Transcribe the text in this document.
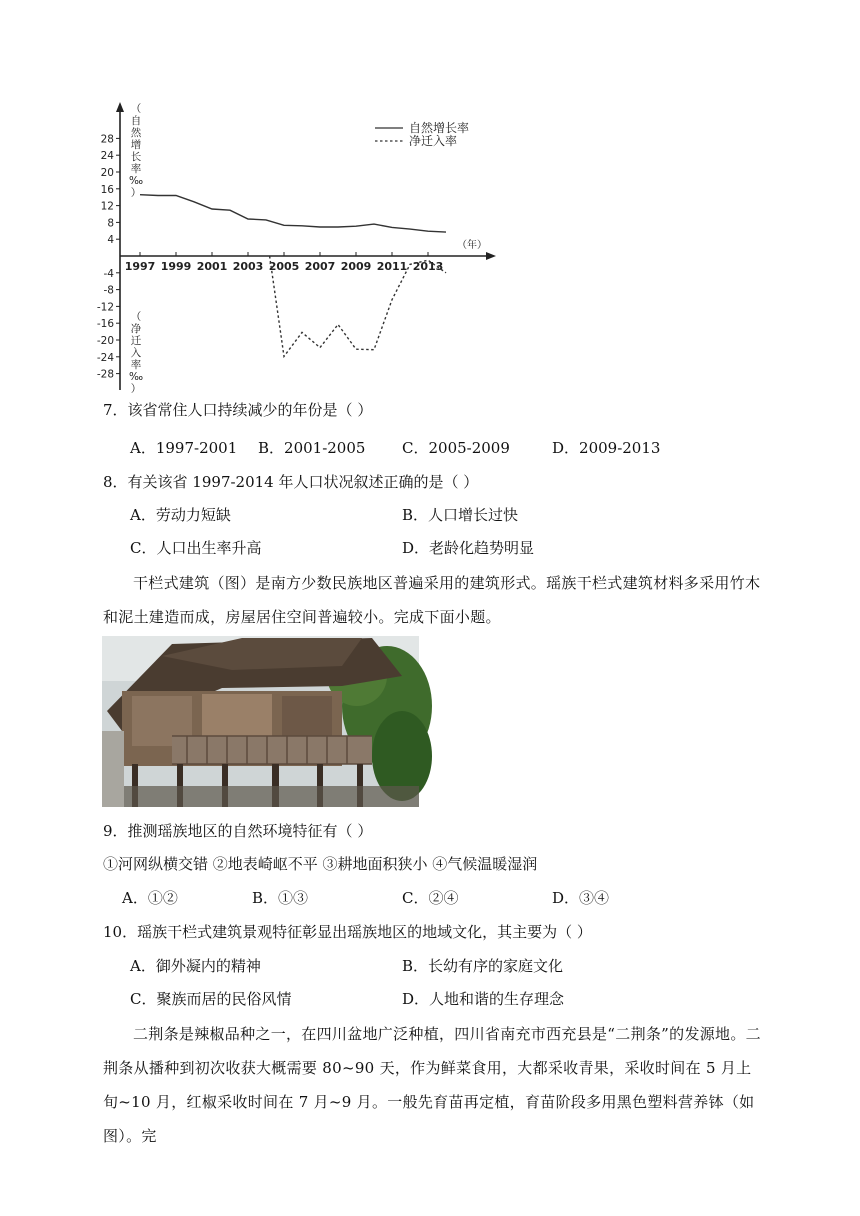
28
24
20
16
12
8
4
-4
-8
-12
-16
-20
-24
-28
1997 1999 2001 2003 2005 2007 2009 2011 2013
（年）
（自然增长率‰）
（净迁入率‰）
自然增长率
净迁入率
7．该省常住人口持续减少的年份是（ ）
A．1997-2001 B．2001-2005 C．2005-2009	D．2009-2013
8．有关该省 1997-2014 年人口状况叙述正确的是（ ）
A．劳动力短缺	B．人口增长过快
C．人口出生率升高	D．老龄化趋势明显
干栏式建筑（图）是南方少数民族地区普遍采用的建筑形式。瑶族干栏式建筑材料多采用竹木和泥土建造而成，房屋居住空间普遍较小。完成下面小题。
9．推测瑶族地区的自然环境特征有（ ）
①河网纵横交错 ②地表崎岖不平 ③耕地面积狭小 ④气候温暖湿润
A．①②	B．①③	C．②④	D．③④
10．瑶族干栏式建筑景观特征彰显出瑶族地区的地域文化，其主要为（ ）
A．御外凝内的精神	B．长幼有序的家庭文化
C．聚族而居的民俗风情	D．人地和谐的生存理念
二荆条是辣椒品种之一，在四川盆地广泛种植，四川省南充市西充县是“二荆条”的发源地。二荆条从播种到初次收获大概需要 80~90 天，作为鲜菜食用，大都采收青果，采收时间在 5 月上旬~10 月，红椒采收时间在 7 月~9 月。一般先育苗再定植，育苗阶段多用黑色塑料营养钵（如图）。完
